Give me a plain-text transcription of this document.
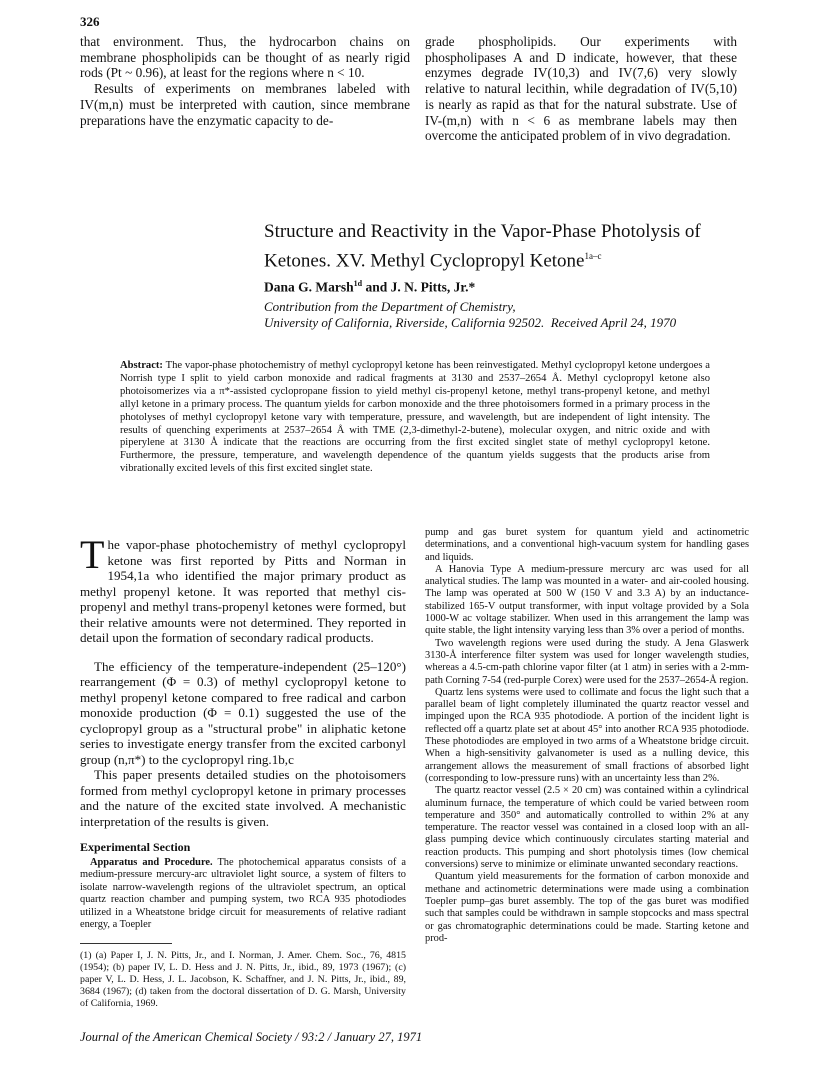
326

that environment. Thus, the hydrocarbon chains on membrane phospholipids can be thought of as nearly rigid rods (Pt ~ 0.96), at least for the regions where n < 10.

Results of experiments on membranes labeled with IV(m,n) must be interpreted with caution, since membrane preparations have the enzymatic capacity to de-

grade phospholipids. Our experiments with phospholipases A and D indicate, however, that these enzymes degrade IV(10,3) and IV(7,6) very slowly relative to natural lecithin, while degradation of IV(5,10) is nearly as rapid as that for the natural substrate. Use of IV-(m,n) with n < 6 as membrane labels may then overcome the anticipated problem of in vivo degradation.

Structure and Reactivity in the Vapor-Phase Photolysis of Ketones. XV. Methyl Cyclopropyl Ketone$^{1a-c}$
Dana G. Marsh$^{1d}$ and J. N. Pitts, Jr.*
Contribution from the Department of Chemistry,
University of California, Riverside, California 92502. Received April 24, 1970
Abstract: The vapor-phase photochemistry of methyl cyclopropyl ketone has been reinvestigated. Methyl cyclopropyl ketone undergoes a Norrish type I split to yield carbon monoxide and radical fragments at 3130 and 2537–2654 Å. Methyl cyclopropyl ketone also photoisomerizes via a π*-assisted cyclopropane fission to yield methyl cis-propenyl ketone, methyl trans-propenyl ketone, and methyl allyl ketone in a primary process. The quantum yields for carbon monoxide and the three photoisomers formed in a primary process in the photolyses of methyl cyclopropyl ketone vary with temperature, pressure, and wavelength, but are independent of light intensity. The results of quenching experiments at 2537–2654 Å with TME (2,3-dimethyl-2-butene), molecular oxygen, and nitric oxide and with piperylene at 3130 Å indicate that the reactions are occurring from the first excited singlet state of methyl cyclopropyl ketone. Furthermore, the pressure, temperature, and wavelength dependence of the quantum yields suggests that the products arise from vibrationally excited levels of this first excited singlet state.

The vapor-phase photochemistry of methyl cyclopropyl ketone was first reported by Pitts and Norman in 1954,1a who identified the major primary product as methyl propenyl ketone. It was reported that methyl cis-propenyl and methyl trans-propenyl ketones were formed, but their relative amounts were not determined. They reported in detail upon the formation of secondary radical products.

The efficiency of the temperature-independent (25–120°) rearrangement (Φ = 0.3) of methyl cyclopropyl ketone to methyl propenyl ketone compared to free radical and carbon monoxide production (Φ = 0.1) suggested the use of the cyclopropyl group as a "structural probe" in aliphatic ketone series to investigate energy transfer from the excited carbonyl group (n,π*) to the cyclopropyl ring.1b,c

This paper presents detailed studies on the photoisomers formed from methyl cyclopropyl ketone in primary processes and the nature of the excited state involved. A mechanistic interpretation of the results is given.

Experimental Section
Apparatus and Procedure. The photochemical apparatus consists of a medium-pressure mercury-arc ultraviolet light source, a system of filters to isolate narrow-wavelength regions of the ultraviolet spectrum, an optical quartz reaction chamber and pumping system, two RCA 935 photodiodes utilized in a Wheatstone bridge circuit for measurements of relative radiant energy, a Toepler
(1) (a) Paper I, J. N. Pitts, Jr., and I. Norman, J. Amer. Chem. Soc., 76, 4815 (1954); (b) paper IV, L. D. Hess and J. N. Pitts, Jr., ibid., 89, 1973 (1967); (c) paper V, L. D. Hess, J. L. Jacobson, K. Schaffner, and J. N. Pitts, Jr., ibid., 89, 3684 (1967); (d) taken from the doctoral dissertation of D. G. Marsh, University of California, 1969.

pump and gas buret system for quantum yield and actinometric determinations, and a conventional high-vacuum system for handling gases and liquids.

A Hanovia Type A medium-pressure mercury arc was used for all analytical studies. The lamp was mounted in a water- and air-cooled housing. The lamp was operated at 500 W (150 V and 3.3 A) by an inductance-stabilized 165-V output transformer, with input voltage provided by a Sola 1000-W ac voltage stabilizer. When used in this arrangement the lamp was quite stable, the light intensity varying less than 3% over a period of months.

Two wavelength regions were used during the study. A Jena Glaswerk 3130-Å interference filter system was used for longer wavelength studies, whereas a 4.5-cm-path chlorine vapor filter (at 1 atm) in series with a 2-mm-path Corning 7-54 (red-purple Corex) were used for the 2537–2654-Å region.

Quartz lens systems were used to collimate and focus the light such that a parallel beam of light completely illuminated the quartz reactor vessel and impinged upon the RCA 935 photodiode. A portion of the incident light is reflected off a quartz plate set at about 45° into another RCA 935 photodiode. These photodiodes are employed in two arms of a Wheatstone bridge circuit. When a high-sensitivity galvanometer is used as a nulling device, this arrangement allows the measurement of small fractions of absorbed light (corresponding to low-pressure runs) with an uncertainty less than 2%.

The quartz reactor vessel (2.5 × 20 cm) was contained within a cylindrical aluminum furnace, the temperature of which could be varied between room temperature and 350° and automatically controlled to within 2% at any temperature. The reactor vessel was contained in a closed loop with an all-glass pumping device which continuously circulates starting material and reaction products. This pumping and short photolysis times (low chemical conversions) serve to minimize or eliminate unwanted secondary reactions.

Quantum yield measurements for the formation of carbon monoxide and methane and actinometric determinations were made using a combination Toepler pump–gas buret assembly. The top of the gas buret was modified such that samples could be withdrawn in sample stopcocks and mass spectral or gas chromatographic determinations could be made. Starting ketone and prod-

Journal of the American Chemical Society / 93:2 / January 27, 1971
